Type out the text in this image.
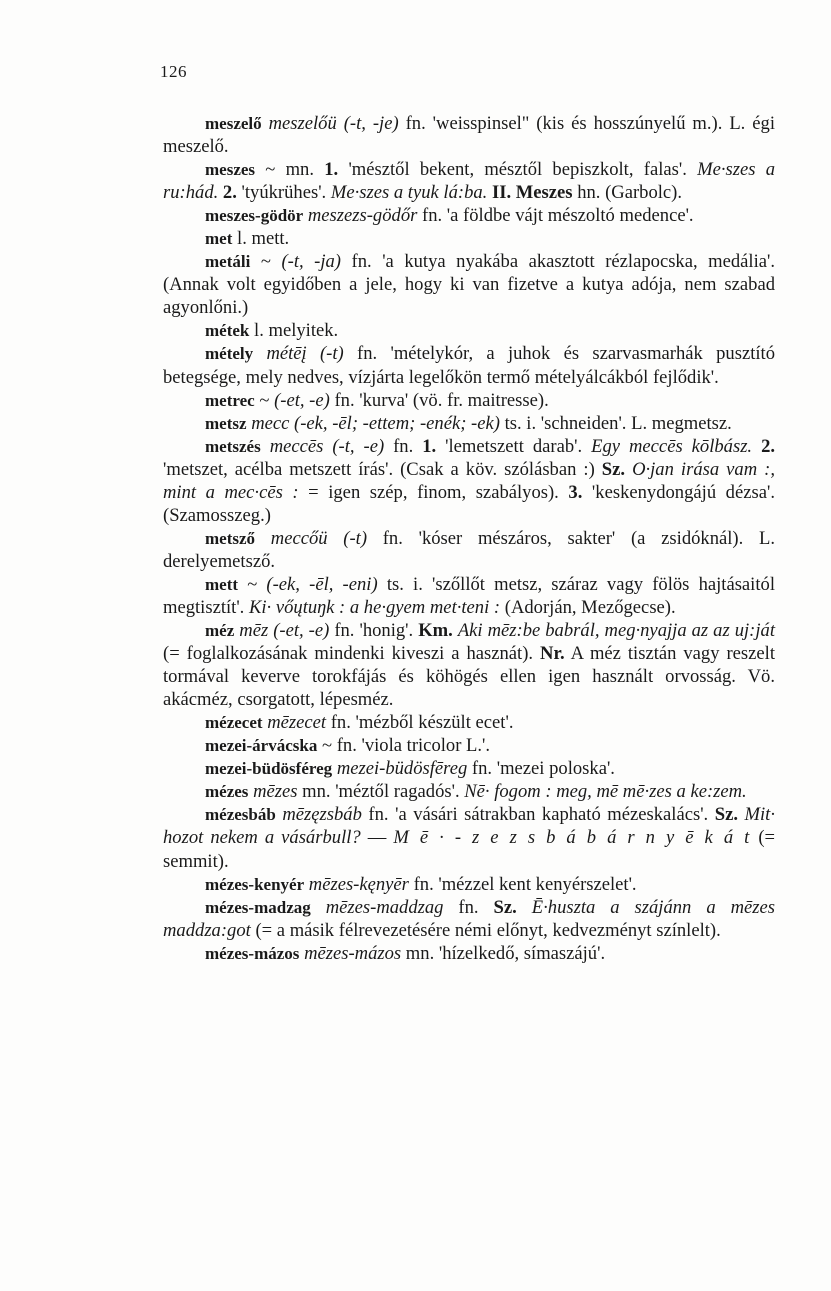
126

meszelő meszelőü (-t, -je) fn. 'weisspinsel" (kis és hosszúnyelű m.). L. égi meszelő.

meszes ~ mn. 1. 'mésztől bekent, mésztől bepiszkolt, falas'. Me·szes a ru:hád. 2. 'tyúkrühes'. Me·szes a tyuk lá:ba. II. Meszes hn. (Garbolc).

meszes-gödör meszezs-gödőr fn. 'a földbe vájt mészoltó medence'.

met l. mett.

metáli ~ (-t, -ja) fn. 'a kutya nyakába akasztott rézlapocska, medália'. (Annak volt egyidőben a jele, hogy ki van fizetve a kutya adója, nem szabad agyonlőni.)

métek l. melyitek.

métely métēį (-t) fn. 'mételykór, a juhok és szarvasmarhák pusztító betegsége, mely nedves, vízjárta legelőkön termő mételyálcákból fejlődik'.

metrec ~ (-et, -e) fn. 'kurva' (vö. fr. maitresse).

metsz mecc (-ek, -ēl; -ettem; -enék; -ek) ts. i. 'schneiden'. L. megmetsz.

metszés meccēs (-t, -e) fn. 1. 'lemetszett darab'. Egy meccēs kōlbász. 2. 'metszet, acélba metszett írás'. (Csak a köv. szólásban :) Sz. O·jan irása vam :, mint a mec·cēs : = igen szép, finom, szabályos). 3. 'keskenydongájú dézsa'. (Szamosszeg.)

metsző meccőü (-t) fn. 'kóser mészáros, sakter' (a zsidóknál). L. derelyemetsző.

mett ~ (-ek, -ēl, -eni) ts. i. 'szőllőt metsz, száraz vagy fölös hajtásaitól megtisztít'. Ki· vőųtuŋk : a he·gyem met·teni : (Adorján, Mezőgecse).

méz mēz (-et, -e) fn. 'honig'. Km. Aki mēz:be babrál, meg·nyajja az az uj:ját (= foglalkozásának mindenki kiveszi a hasznát). Nr. A méz tisztán vagy reszelt tormával keverve torokfájás és köhögés ellen igen használt orvosság. Vö. akácméz, csorgatott, lépesméz.

mézecet mēzecet fn. 'mézből készült ecet'.

mezei-árvácska ~ fn. 'viola tricolor L.'.

mezei-büdösféreg mezei-büdösfēreg fn. 'mezei poloska'.

mézes mēzes mn. 'méztől ragadós'. Nē· fogom : meg, mē mē·zes a ke:zem.

mézesbáb mēzęzsbáb fn. 'a vásári sátrakban kapható mézeskalács'. Sz. Mit· hozot nekem a vásárbull? — M ē · - z e z s b á b á r n y ē k á t (= semmit).

mézes-kenyér mēzes-kęnyēr fn. 'mézzel kent kenyérszelet'.

mézes-madzag mēzes-maddzag fn. Sz. Ē·huszta a szájánn a mēzes maddza:got (= a másik félrevezetésére némi előnyt, kedvezményt színlelt).

mézes-mázos mēzes-mázos mn. 'hízelkedő, símaszájú'.
